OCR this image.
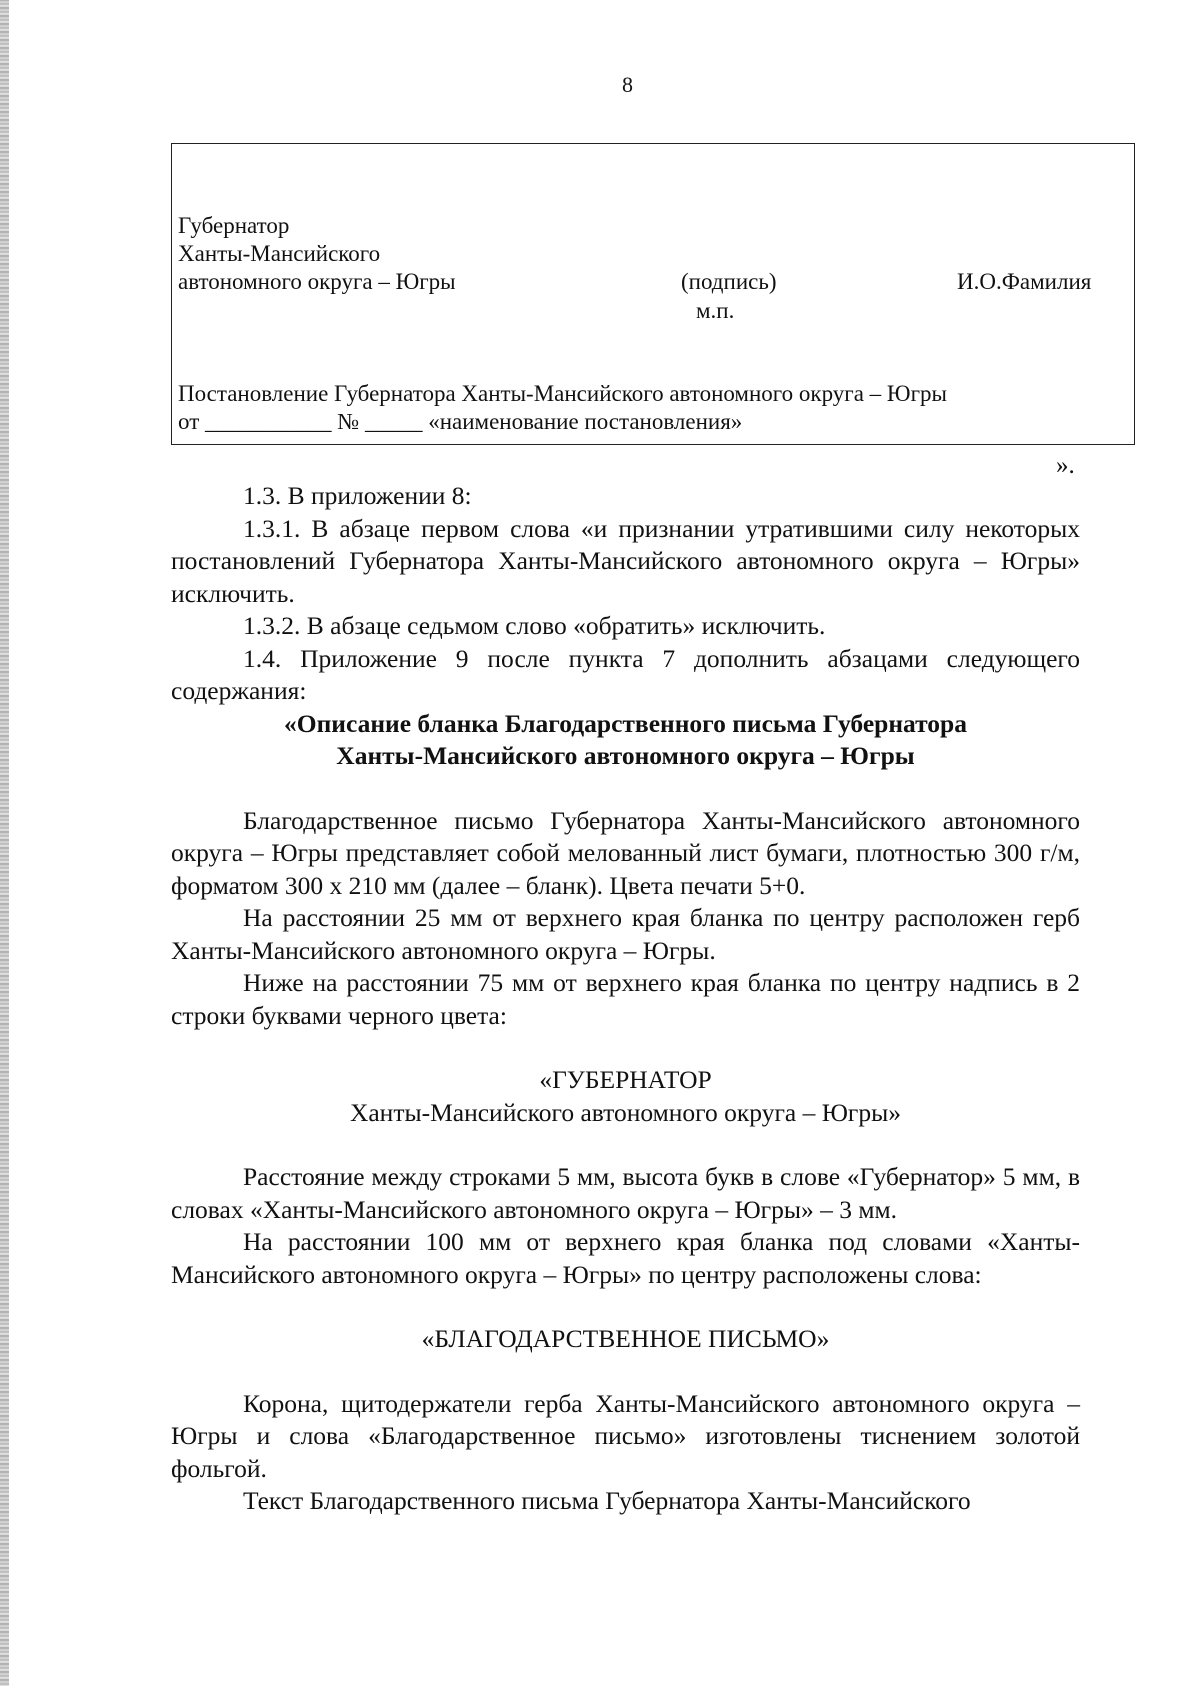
8
Губернатор
Ханты-Мансийского
автономного округа – Югры	(подпись)
м.п.
И.О.Фамилия
Постановление Губернатора Ханты-Мансийского автономного округа – Югры
от ___________ № _____ «наименование постановления»
».

1.3. В приложении 8:

1.3.1. В абзаце первом слова «и признании утратившими силу некоторых постановлений Губернатора Ханты-Мансийского автономного округа – Югры» исключить.

1.3.2. В абзаце седьмом слово «обратить» исключить.

1.4. Приложение 9 после пункта 7 дополнить абзацами следующего содержания:

«Описание бланка Благодарственного письма Губернатора

Ханты-Мансийского автономного округа – Югры

Благодарственное письмо Губернатора Ханты-Мансийского автономного округа – Югры представляет собой мелованный лист бумаги, плотностью 300 г/м, форматом 300 х 210 мм (далее – бланк). Цвета печати 5+0.

На расстоянии 25 мм от верхнего края бланка по центру расположен герб Ханты-Мансийского автономного округа – Югры.

Ниже на расстоянии 75 мм от верхнего края бланка по центру надпись в 2 строки буквами черного цвета:

«ГУБЕРНАТОР

Ханты-Мансийского автономного округа – Югры»

Расстояние между строками 5 мм, высота букв в слове «Губернатор» 5 мм, в словах «Ханты-Мансийского автономного округа – Югры» – 3 мм.

На расстоянии 100 мм от верхнего края бланка под словами «Ханты-Мансийского автономного округа – Югры» по центру расположены слова:

«БЛАГОДАРСТВЕННОЕ ПИСЬМО»

Корона, щитодержатели герба Ханты-Мансийского автономного округа – Югры и слова «Благодарственное письмо» изготовлены тиснением золотой фольгой.

Текст Благодарственного письма Губернатора Ханты-Мансийского
